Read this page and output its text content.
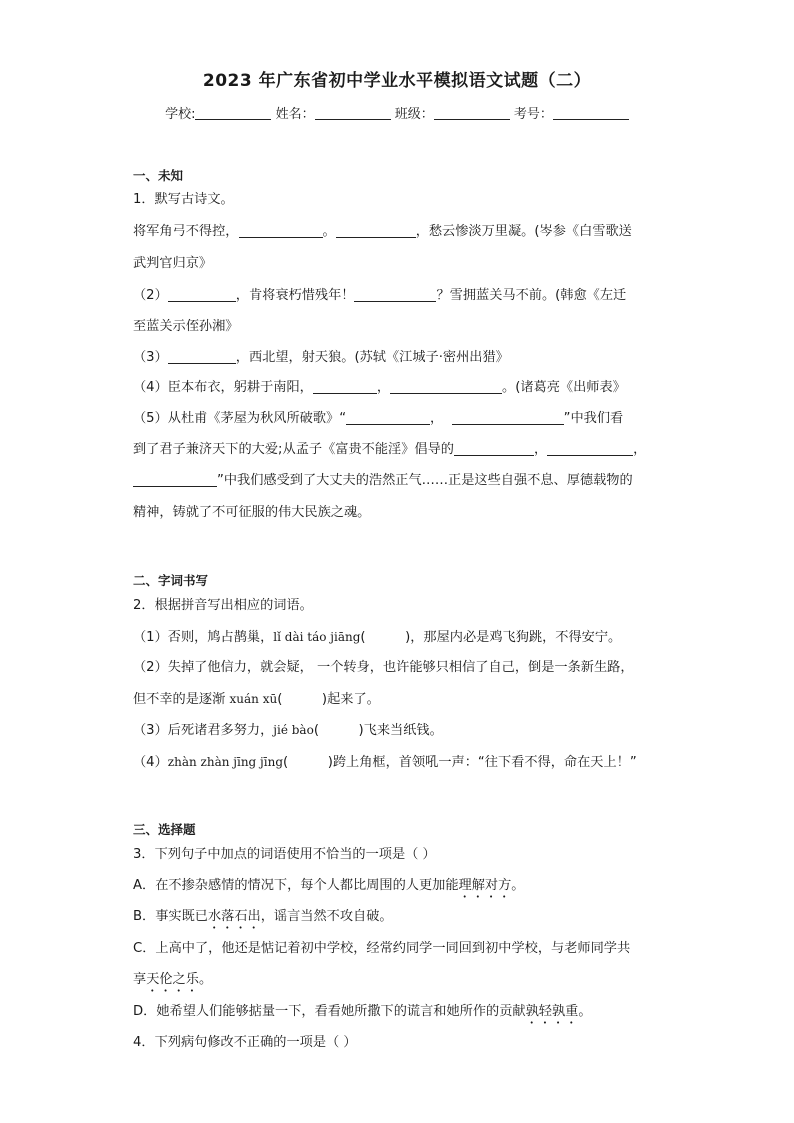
2023 年广东省初中学业水平模拟语文试题（二）
学校:	姓名：	班级：	考号：
一、未知
1．默写古诗文。
将军角弓不得控，	。	，愁云惨淡万里凝。(岑参《白雪歌送
武判官归京》
（2）	，肯将衰朽惜残年！	？雪拥蓝关马不前。(韩愈《左迁
至蓝关示侄孙湘》
（3）	，西北望，射天狼。(苏轼《江城子·密州出猎》
（4）臣本布衣，躬耕于南阳，	，	。(诸葛亮《出师表》
（5）从杜甫《茅屋为秋风所破歌》“	，	”中我们看
到了君子兼济天下的大爱;从孟子《富贵不能淫》倡导的	，	，
”中我们感受到了大丈夫的浩然正气……正是这些自强不息、厚德载物的
精神，铸就了不可征服的伟大民族之魂。
二、字词书写
2．根据拼音写出相应的词语。
（1）否则，鸠占鹊巢，lǐ dài táo jiāng(　　　)，那屋内必是鸡飞狗跳，不得安宁。
（2）失掉了他信力，就会疑， 一个转身，也许能够只相信了自己，倒是一条新生路，
但不幸的是逐渐 xuán xū(　　　)起来了。
（3）后死诸君多努力，jié bào(　　　)飞来当纸钱。
（4）zhàn zhàn jīng jīng(　　　)跨上角框，首领吼一声：“往下看不得，命在天上！”
三、选择题
3．下列句子中加点的词语使用不恰当的一项是（ ）
A．在不掺杂感情的情况下，每个人都比周围的人更加能理解对方。
B．事实既已水落石出，谣言当然不攻自破。
C．上高中了，他还是惦记着初中学校，经常约同学一同回到初中学校，与老师同学共
享天伦之乐。
D．她希望人们能够掂量一下，看看她所撒下的谎言和她所作的贡献孰轻孰重。
4．下列病句修改不正确的一项是（ ）
